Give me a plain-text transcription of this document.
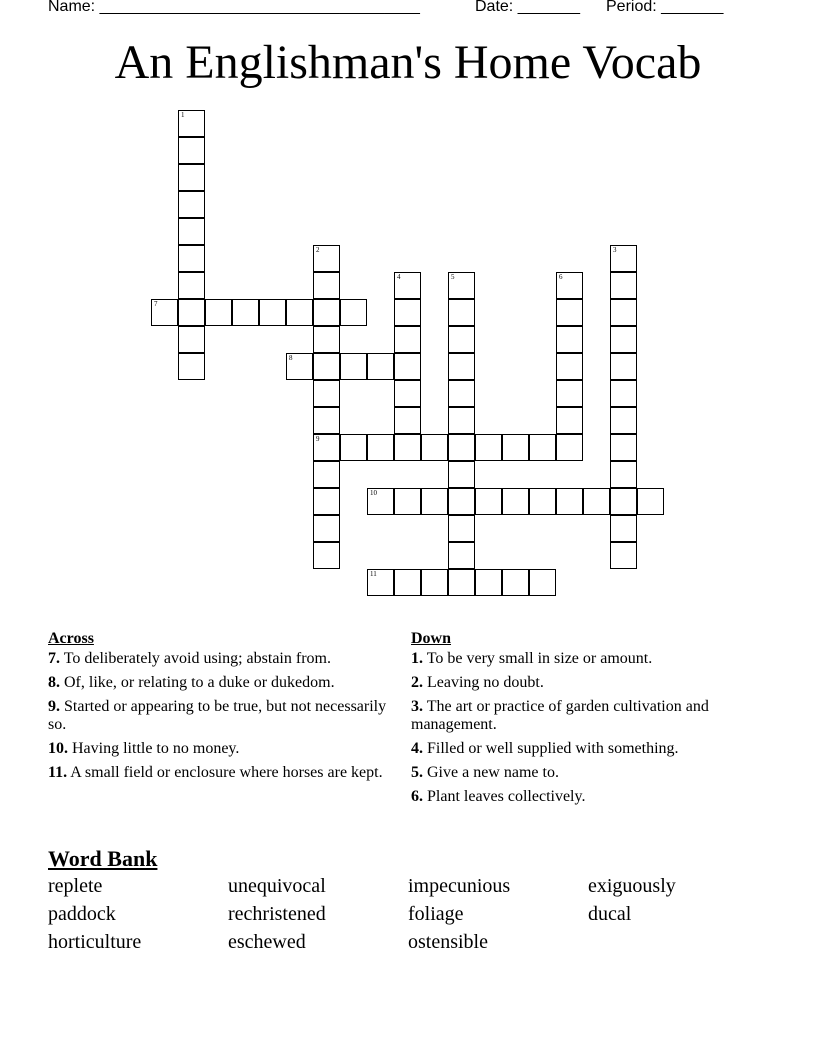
Name: ____________________________________	Date: _______ Period: _______
An Englishman's Home Vocab
1
2
9
3
4	5	6
7
8
10
11
Across
7. To deliberately avoid using; abstain from.
8. Of, like, or relating to a duke or dukedom.
9. Started or appearing to be true, but not necessarily so.
10. Having little to no money.
11. A small field or enclosure where horses are kept.
Down
1. To be very small in size or amount.
2. Leaving no doubt.
3. The art or practice of garden cultivation and management.
4. Filled or well supplied with something.
5. Give a new name to.
6. Plant leaves collectively.
Word Bank
replete	unequivocal	impecunious	exiguously
paddock	rechristened	foliage	ducal
horticulture	eschewed	ostensible
